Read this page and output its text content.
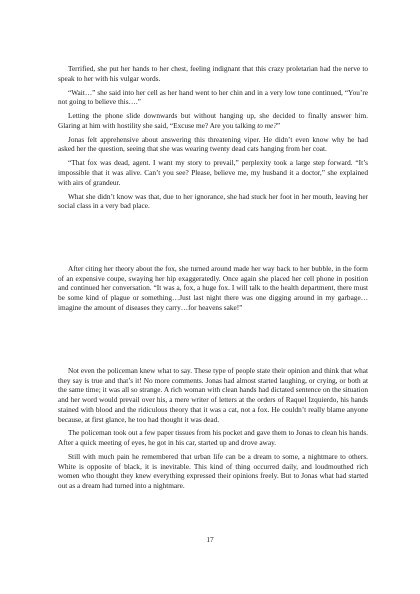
Terrified, she put her hands to her chest, feeling indignant that this crazy proletarian had the nerve to speak to her with his vulgar words.

“Wait…” she said into her cell as her hand went to her chin and in a very low tone continued, “You’re not going to believe this….”

Letting the phone slide downwards but without hanging up, she decided to finally answer him. Glaring at him with hostility she said, “Excuse me? Are you talking to me?”

Jonas felt apprehensive about answering this threatening viper. He didn’t even know why he had asked her the question, seeing that she was wearing twenty dead cats hanging from her coat.

“That fox was dead, agent. I want my story to prevail,” perplexity took a large step forward. “It’s impossible that it was alive. Can’t you see? Please, believe me, my husband it a doctor,” she explained with airs of grandeur.

What she didn’t know was that, due to her ignorance, she had stuck her foot in her mouth, leaving her social class in a very bad place.

After citing her theory about the fox, she turned around made her way back to her bubble, in the form of an expensive coupe, swaying her hip exaggeratedly. Once again she placed her cell phone in position and continued her conversation. “It was a, fox, a huge fox. I will talk to the health department, there must be some kind of plague or something…Just last night there was one digging around in my garbage…imagine the amount of diseases they carry…for heavens sake!”

Not even the policeman knew what to say. These type of people state their opinion and think that what they say is true and that’s it! No more comments. Jonas had almost started laughing, or crying, or both at the same time; it was all so strange. A rich woman with clean hands had dictated sentence on the situation and her word would prevail over his, a mere writer of letters at the orders of Raquel Izquierdo, his hands stained with blood and the ridiculous theory that it was a cat, not a fox. He couldn’t really blame anyone because, at first glance, he too had thought it was dead.

The policeman took out a few paper tissues from his pocket and gave them to Jonas to clean his hands. After a quick meeting of eyes, he got in his car, started up and drove away.

Still with much pain he remembered that urban life can be a dream to some, a nightmare to others. White is opposite of black, it is inevitable. This kind of thing occurred daily, and loudmouthed rich women who thought they knew everything expressed their opinions freely. But to Jonas what had started out as a dream had turned into a nightmare.

17
